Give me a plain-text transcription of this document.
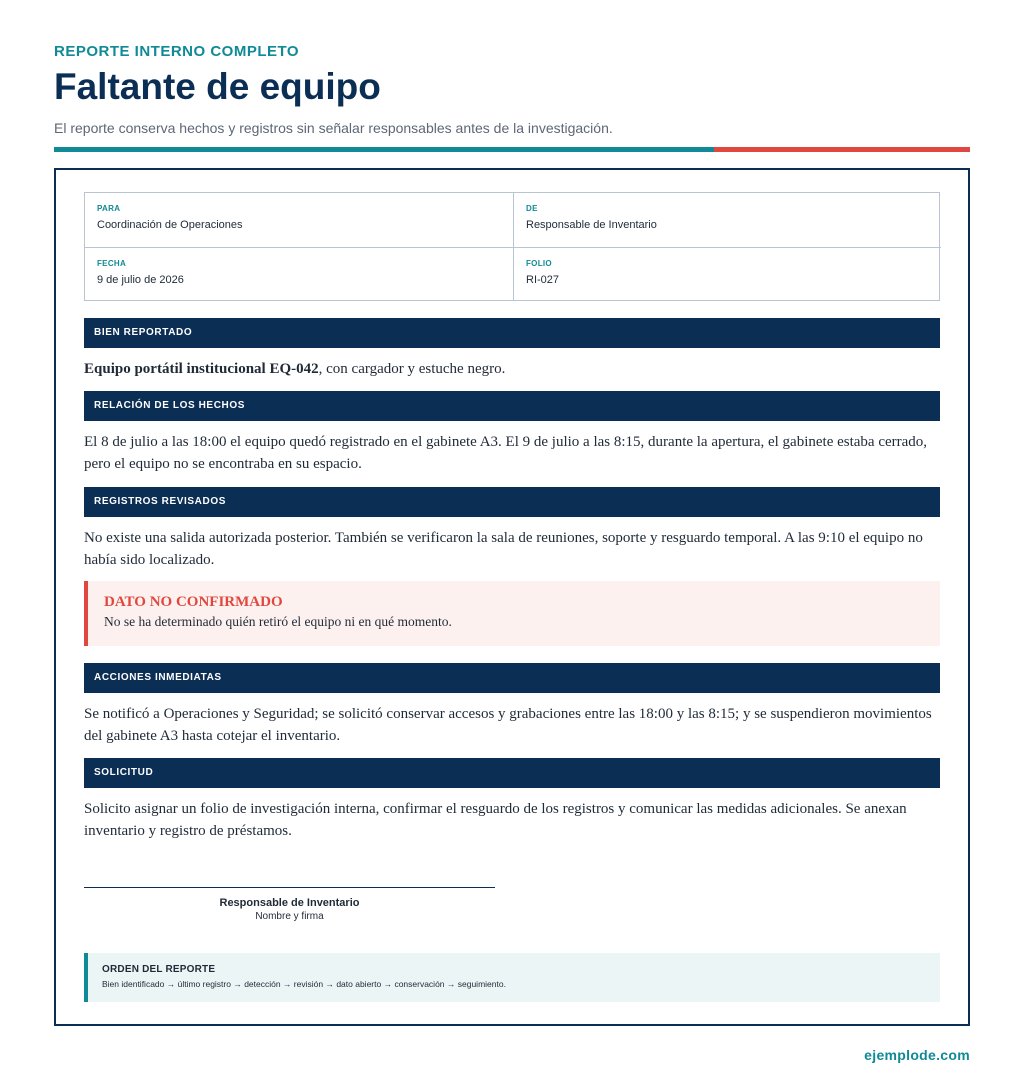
REPORTE INTERNO COMPLETO
Faltante de equipo
El reporte conserva hechos y registros sin señalar responsables antes de la investigación.
PARA
Coordinación de Operaciones
DE
Responsable de Inventario
FECHA
9 de julio de 2026
FOLIO
RI-027
BIEN REPORTADO
Equipo portátil institucional EQ-042, con cargador y estuche negro.
RELACIÓN DE LOS HECHOS
El 8 de julio a las 18:00 el equipo quedó registrado en el gabinete A3. El 9 de julio a las 8:15, durante la apertura, el gabinete estaba cerrado, pero el equipo no se encontraba en su espacio.
REGISTROS REVISADOS
No existe una salida autorizada posterior. También se verificaron la sala de reuniones, soporte y resguardo temporal. A las 9:10 el equipo no había sido localizado.
DATO NO CONFIRMADO
No se ha determinado quién retiró el equipo ni en qué momento.
ACCIONES INMEDIATAS
Se notificó a Operaciones y Seguridad; se solicitó conservar accesos y grabaciones entre las 18:00 y las 8:15; y se suspendieron movimientos del gabinete A3 hasta cotejar el inventario.
SOLICITUD
Solicito asignar un folio de investigación interna, confirmar el resguardo de los registros y comunicar las medidas adicionales. Se anexan inventario y registro de préstamos.
Responsable de Inventario
Nombre y firma
ORDEN DEL REPORTE
Bien identificado → último registro → detección → revisión → dato abierto → conservación → seguimiento.
ejemplode.com
